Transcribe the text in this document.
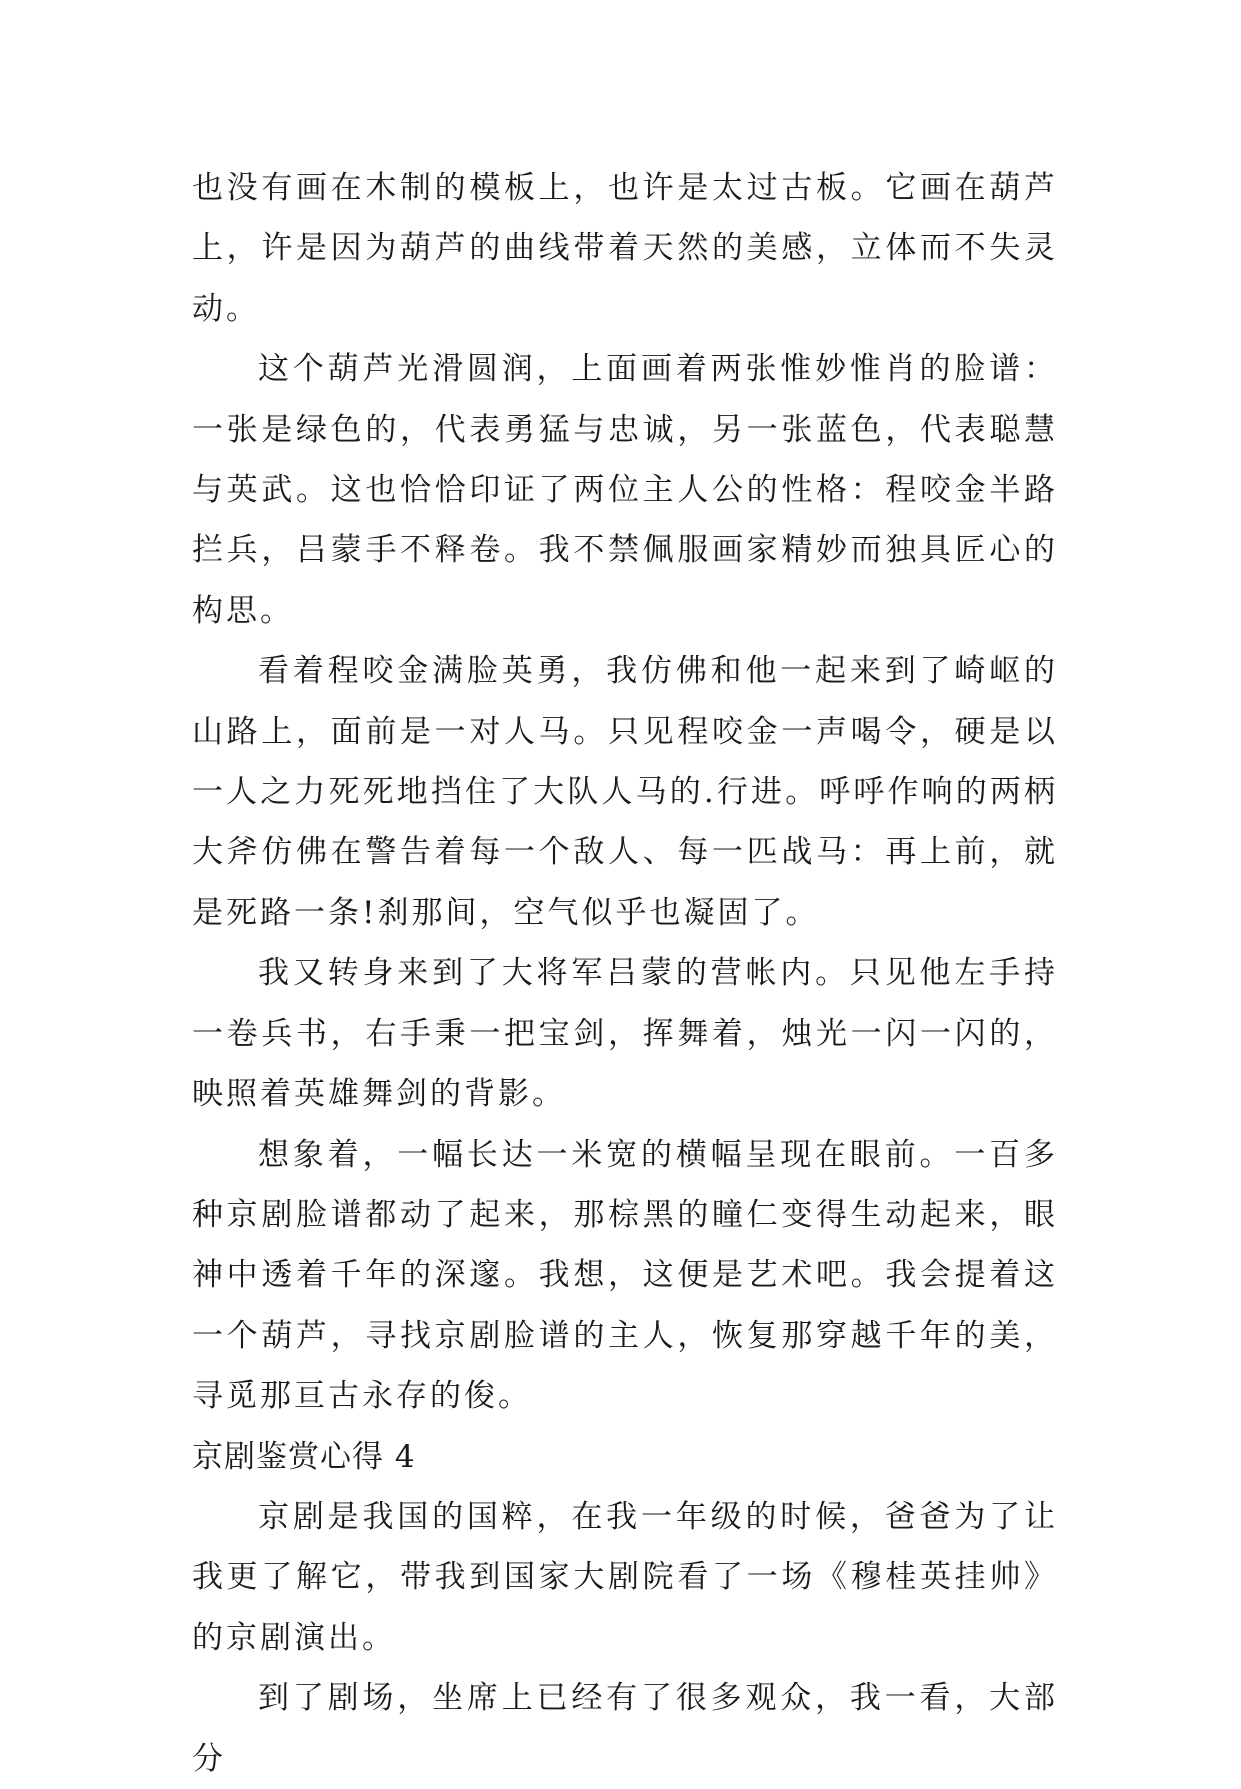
也没有画在木制的模板上，也许是太过古板。它画在葫芦上，许是因为葫芦的曲线带着天然的美感，立体而不失灵动。

这个葫芦光滑圆润，上面画着两张惟妙惟肖的脸谱：一张是绿色的，代表勇猛与忠诚，另一张蓝色，代表聪慧与英武。这也恰恰印证了两位主人公的性格：程咬金半路拦兵，吕蒙手不释卷。我不禁佩服画家精妙而独具匠心的构思。

看着程咬金满脸英勇，我仿佛和他一起来到了崎岖的山路上，面前是一对人马。只见程咬金一声喝令，硬是以一人之力死死地挡住了大队人马的.行进。呼呼作响的两柄大斧仿佛在警告着每一个敌人、每一匹战马：再上前，就是死路一条!刹那间，空气似乎也凝固了。

我又转身来到了大将军吕蒙的营帐内。只见他左手持一卷兵书，右手秉一把宝剑，挥舞着，烛光一闪一闪的，映照着英雄舞剑的背影。

想象着，一幅长达一米宽的横幅呈现在眼前。一百多种京剧脸谱都动了起来，那棕黑的瞳仁变得生动起来，眼神中透着千年的深邃。我想，这便是艺术吧。我会提着这一个葫芦，寻找京剧脸谱的主人，恢复那穿越千年的美，寻觅那亘古永存的俊。

京剧鉴赏心得 4

京剧是我国的国粹，在我一年级的时候，爸爸为了让我更了解它，带我到国家大剧院看了一场《穆桂英挂帅》的京剧演出。

到了剧场，坐席上已经有了很多观众，我一看，大部分
